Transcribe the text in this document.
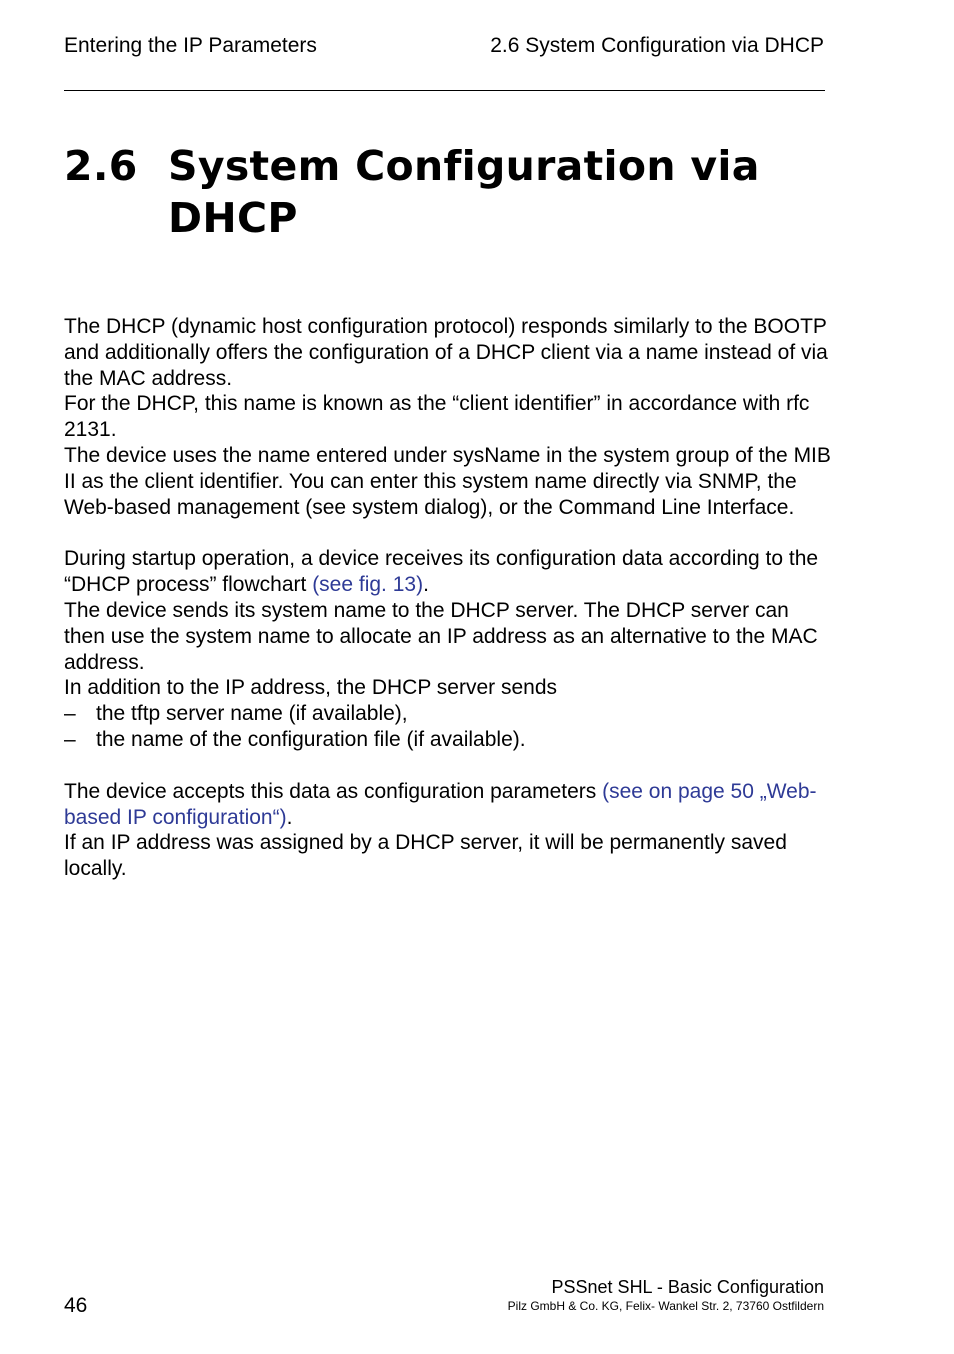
Entering the IP Parameters	2.6 System Configuration via DHCP
2.6 System Configuration via DHCP

The DHCP (dynamic host configuration protocol) responds similarly to the BOOTP and additionally offers the configuration of a DHCP client via a name instead of via the MAC address.

For the DHCP, this name is known as the “client identifier” in accordance with rfc 2131.

The device uses the name entered under sysName in the system group of the MIB II as the client identifier. You can enter this system name directly via SNMP, the Web-based management (see system dialog), or the Command Line Interface.

During startup operation, a device receives its configuration data according to the “DHCP process” flowchart (see fig. 13).

The device sends its system name to the DHCP server. The DHCP server can then use the system name to allocate an IP address as an alternative to the MAC address.

In addition to the IP address, the DHCP server sends

– the tftp server name (if available),
– the name of the configuration file (if available).

The device accepts this data as configuration parameters (see on page 50 „Web-based IP configuration“).

If an IP address was assigned by a DHCP server, it will be permanently saved locally.

46
PSSnet SHL - Basic Configuration
Pilz GmbH & Co. KG, Felix- Wankel Str. 2, 73760 Ostfildern
